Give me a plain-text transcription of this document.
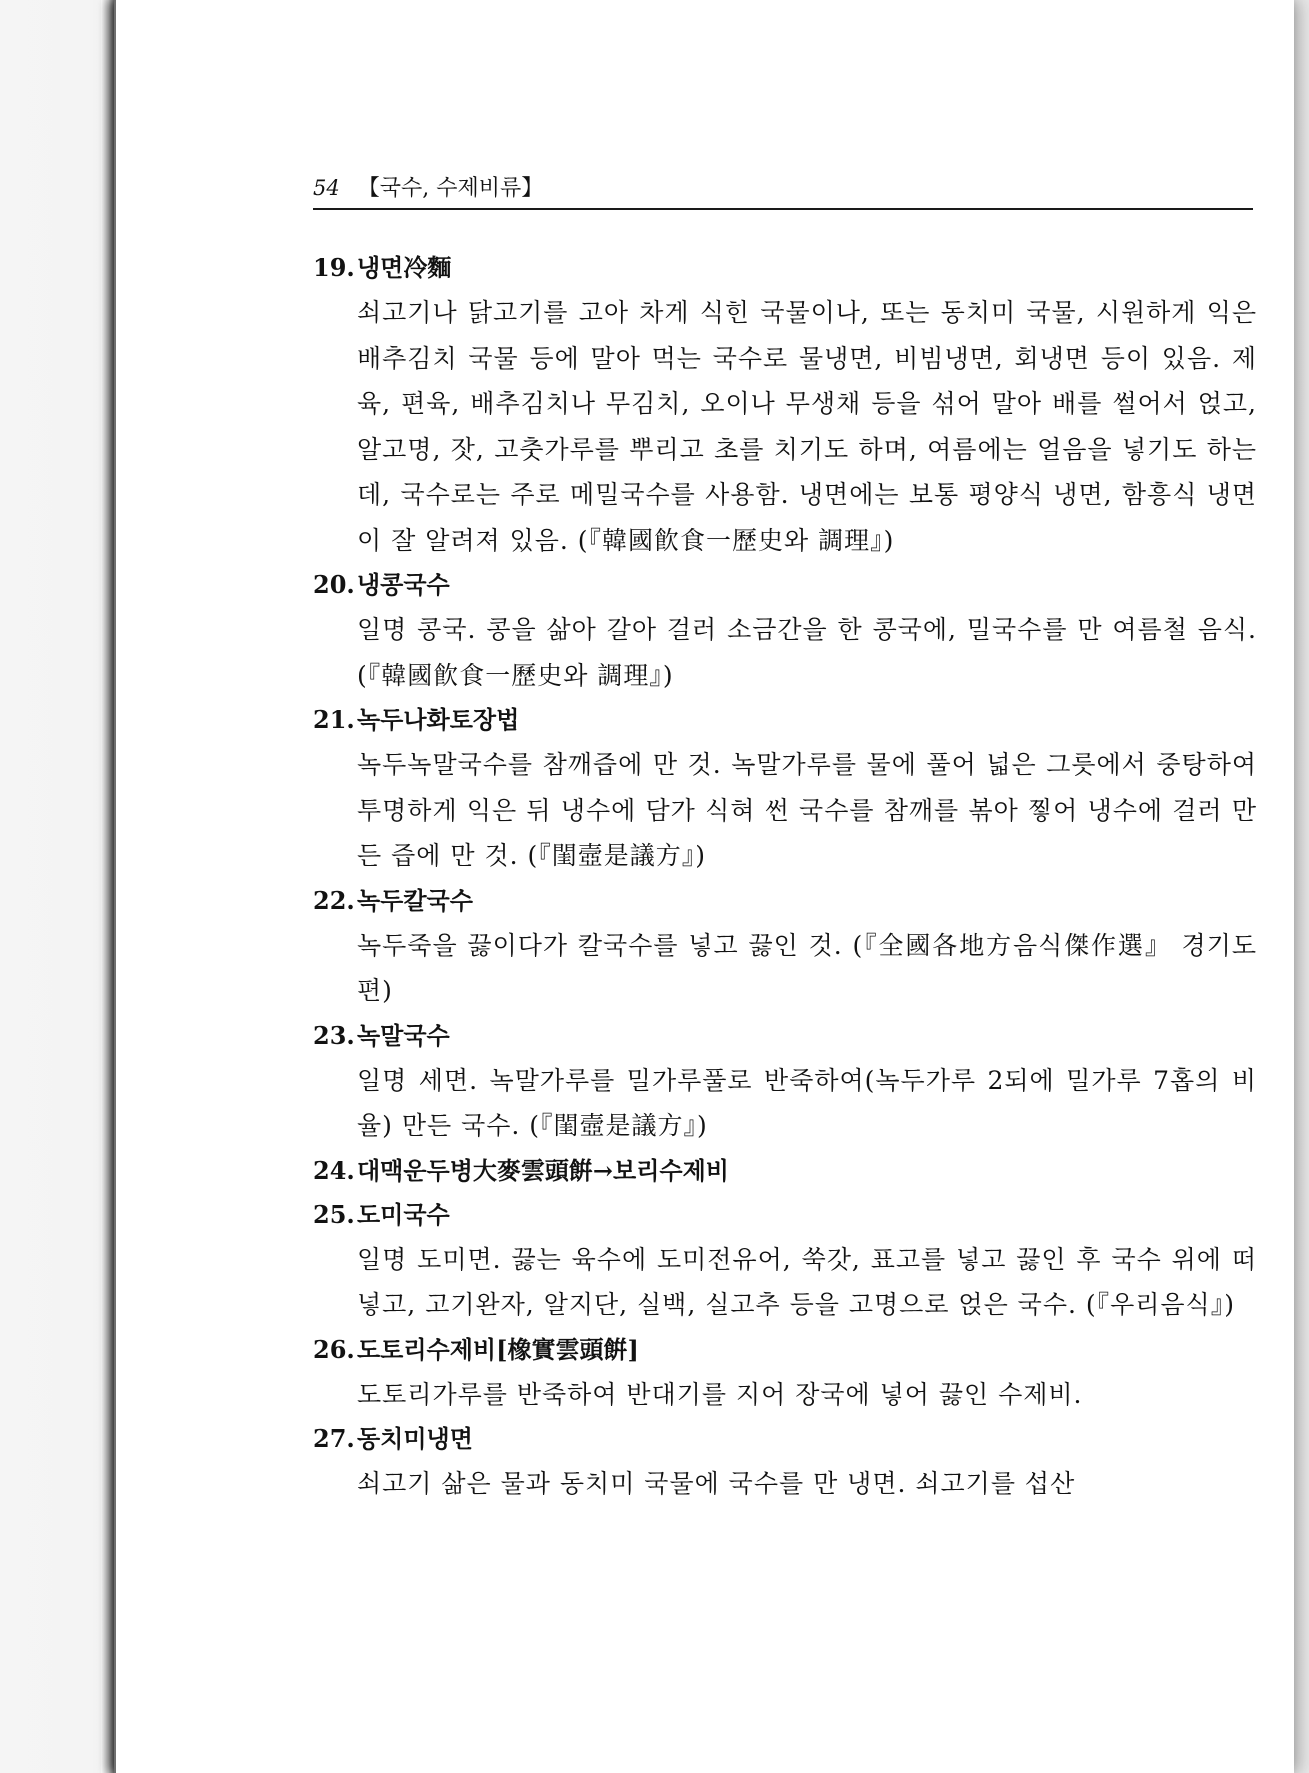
54 【국수, 수제비류】
19.냉면冷麵
쇠고기나 닭고기를 고아 차게 식힌 국물이나, 또는 동치미 국물, 시원하게 익은 배추김치 국물 등에 말아 먹는 국수로 물냉면, 비빔냉면, 회냉면 등이 있음. 제육, 편육, 배추김치나 무김치, 오이나 무생채 등을 섞어 말아 배를 썰어서 얹고, 알고명, 잣, 고춧가루를 뿌리고 초를 치기도 하며, 여름에는 얼음을 넣기도 하는데, 국수로는 주로 메밀국수를 사용함. 냉면에는 보통 평양식 냉면, 함흥식 냉면이 잘 알려져 있음. (『韓國飮食一歷史와 調理』)
20.냉콩국수
일명 콩국. 콩을 삶아 갈아 걸러 소금간을 한 콩국에, 밀국수를 만 여름철 음식. (『韓國飮食一歷史와 調理』)
21.녹두나화토장법
녹두녹말국수를 참깨즙에 만 것. 녹말가루를 물에 풀어 넓은 그릇에서 중탕하여 투명하게 익은 뒤 냉수에 담가 식혀 썬 국수를 참깨를 볶아 찧어 냉수에 걸러 만든 즙에 만 것. (『閨壼是議方』)
22.녹두칼국수
녹두죽을 끓이다가 칼국수를 넣고 끓인 것. (『全國各地方음식傑作選』 경기도편)
23.녹말국수
일명 세면. 녹말가루를 밀가루풀로 반죽하여(녹두가루 2되에 밀가루 7홉의 비율) 만든 국수. (『閨壼是議方』)
24.대맥운두병大麥雲頭餠→보리수제비
25.도미국수
일명 도미면. 끓는 육수에 도미전유어, 쑥갓, 표고를 넣고 끓인 후 국수 위에 떠 넣고, 고기완자, 알지단, 실백, 실고추 등을 고명으로 얹은 국수. (『우리음식』)
26.도토리수제비[橡實雲頭餠]
도토리가루를 반죽하여 반대기를 지어 장국에 넣어 끓인 수제비.
27.동치미냉면
쇠고기 삶은 물과 동치미 국물에 국수를 만 냉면. 쇠고기를 섭산
